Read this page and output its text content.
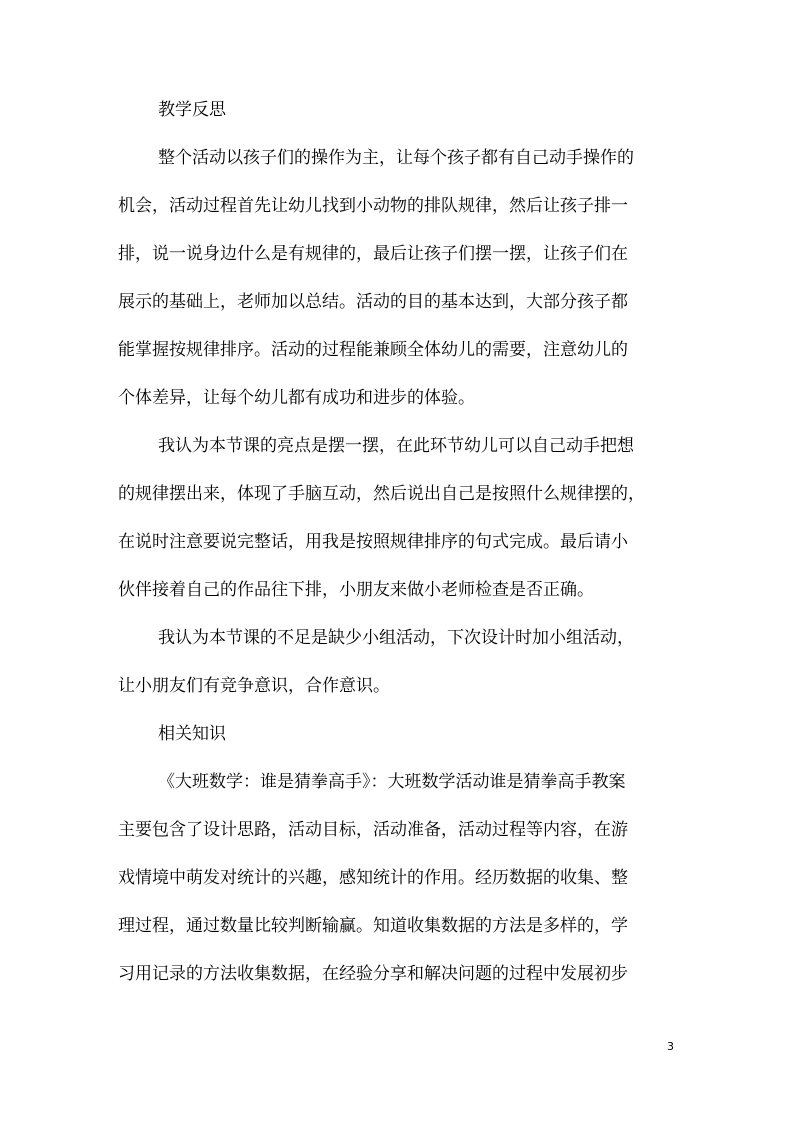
教学反思
整个活动以孩子们的操作为主，让每个孩子都有自己动手操作的
机会，活动过程首先让幼儿找到小动物的排队规律，然后让孩子排一
排，说一说身边什么是有规律的，最后让孩子们摆一摆，让孩子们在
展示的基础上，老师加以总结。活动的目的基本达到，大部分孩子都
能掌握按规律排序。活动的过程能兼顾全体幼儿的需要，注意幼儿的
个体差异，让每个幼儿都有成功和进步的体验。
我认为本节课的亮点是摆一摆，在此环节幼儿可以自己动手把想
的规律摆出来，体现了手脑互动，然后说出自己是按照什么规律摆的，
在说时注意要说完整话，用我是按照规律排序的句式完成。最后请小
伙伴接着自己的作品往下排，小朋友来做小老师检查是否正确。
我认为本节课的不足是缺少小组活动，下次设计时加小组活动，
让小朋友们有竞争意识，合作意识。
相关知识
《大班数学：谁是猜拳高手》：大班数学活动谁是猜拳高手教案
主要包含了设计思路，活动目标，活动准备，活动过程等内容，在游
戏情境中萌发对统计的兴趣，感知统计的作用。经历数据的收集、整
理过程，通过数量比较判断输赢。知道收集数据的方法是多样的，学
习用记录的方法收集数据，在经验分享和解决问题的过程中发展初步
3
